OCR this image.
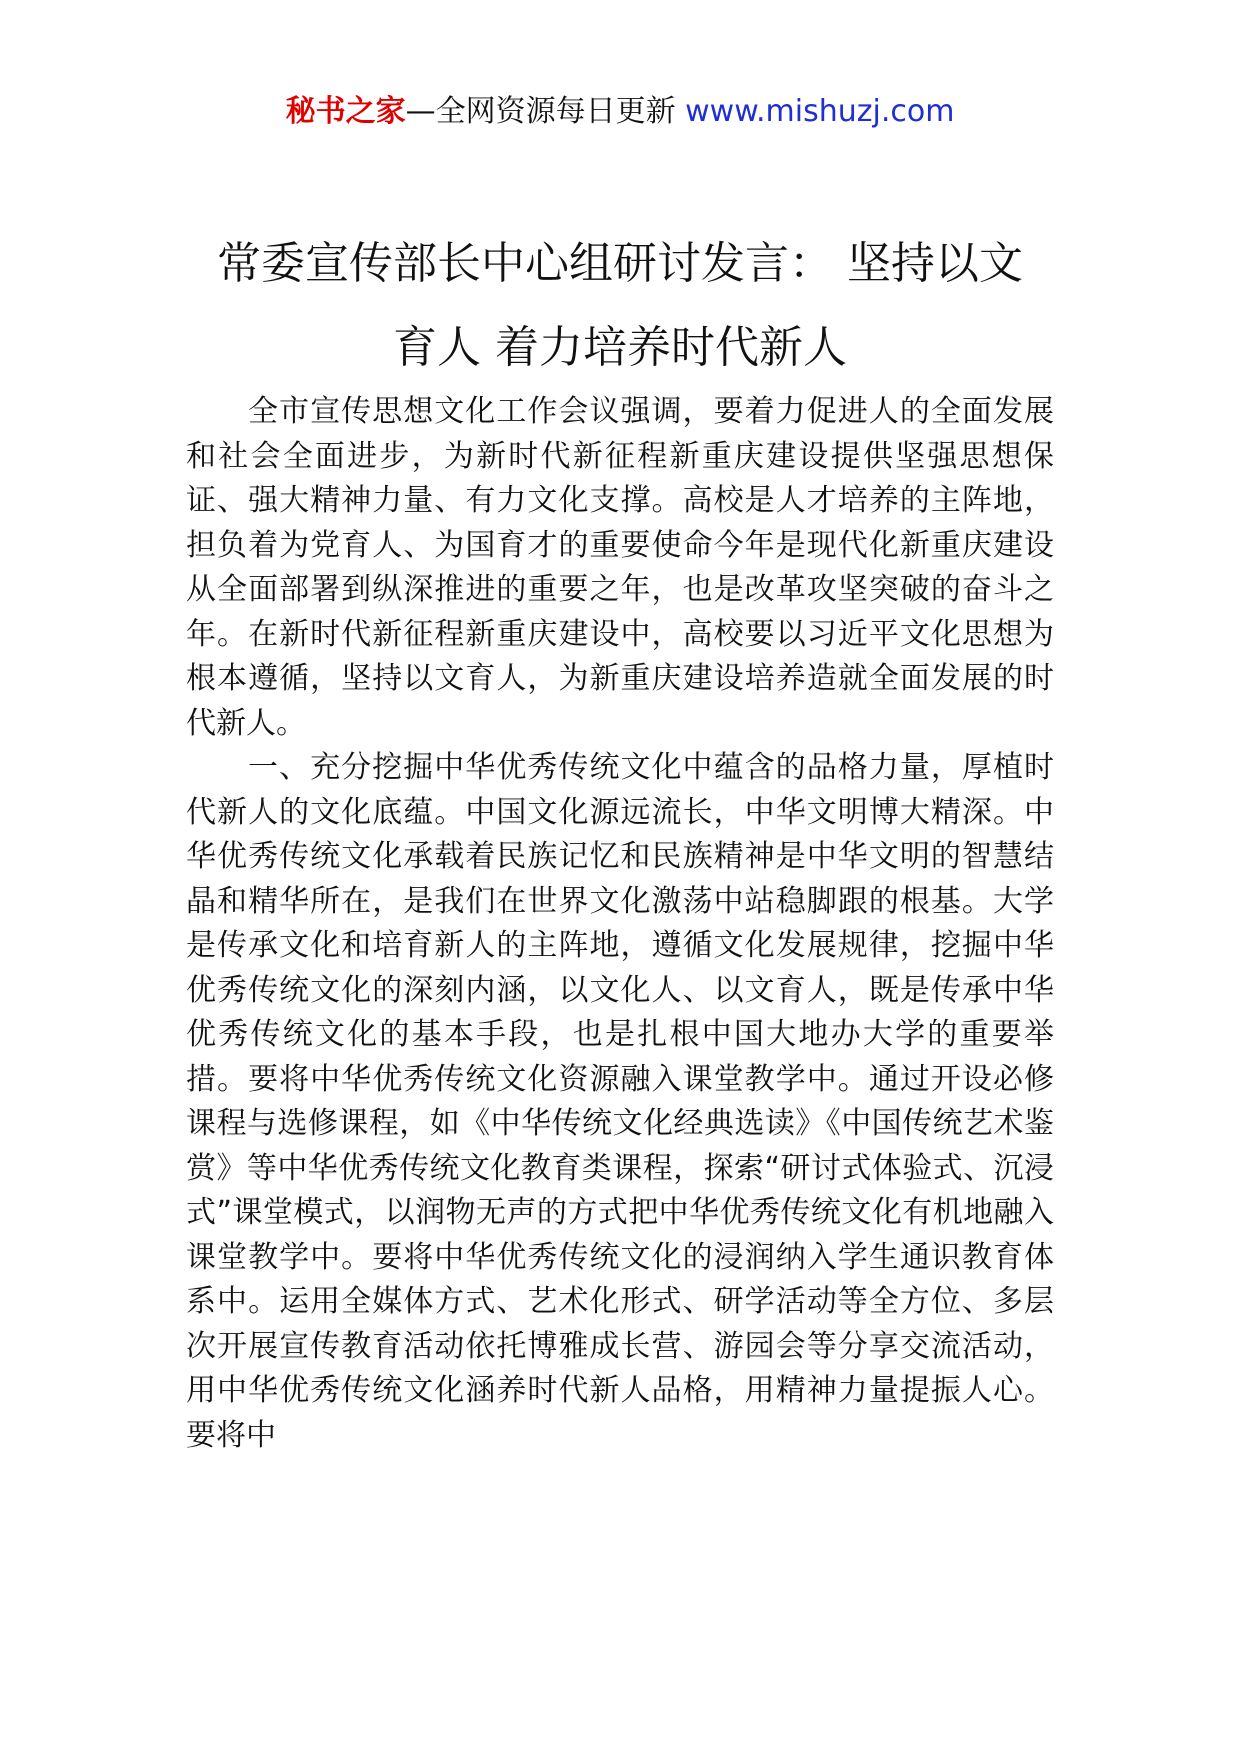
秘书之家—全网资源每日更新 www.mishuzj.com
常委宣传部长中心组研讨发言： 坚持以文
育人 着力培养时代新人

全市宣传思想文化工作会议强调，要着力促进人的全面发展和社会全面进步，为新时代新征程新重庆建设提供坚强思想保证、强大精神力量、有力文化支撑。高校是人才培养的主阵地，担负着为党育人、为国育才的重要使命今年是现代化新重庆建设从全面部署到纵深推进的重要之年，也是改革攻坚突破的奋斗之年。在新时代新征程新重庆建设中，高校要以习近平文化思想为根本遵循，坚持以文育人，为新重庆建设培养造就全面发展的时代新人。

一、充分挖掘中华优秀传统文化中蕴含的品格力量，厚植时代新人的文化底蕴。中国文化源远流长，中华文明博大精深。中华优秀传统文化承载着民族记忆和民族精神是中华文明的智慧结晶和精华所在，是我们在世界文化激荡中站稳脚跟的根基。大学是传承文化和培育新人的主阵地，遵循文化发展规律，挖掘中华优秀传统文化的深刻内涵，以文化人、以文育人，既是传承中华优秀传统文化的基本手段，也是扎根中国大地办大学的重要举措。要将中华优秀传统文化资源融入课堂教学中。通过开设必修课程与选修课程，如《中华传统文化经典选读》《中国传统艺术鉴赏》等中华优秀传统文化教育类课程，探索“研讨式体验式、沉浸式”课堂模式，以润物无声的方式把中华优秀传统文化有机地融入课堂教学中。要将中华优秀传统文化的浸润纳入学生通识教育体系中。运用全媒体方式、艺术化形式、研学活动等全方位、多层次开展宣传教育活动依托博雅成长营、游园会等分享交流活动，用中华优秀传统文化涵养时代新人品格，用精神力量提振人心。要将中
